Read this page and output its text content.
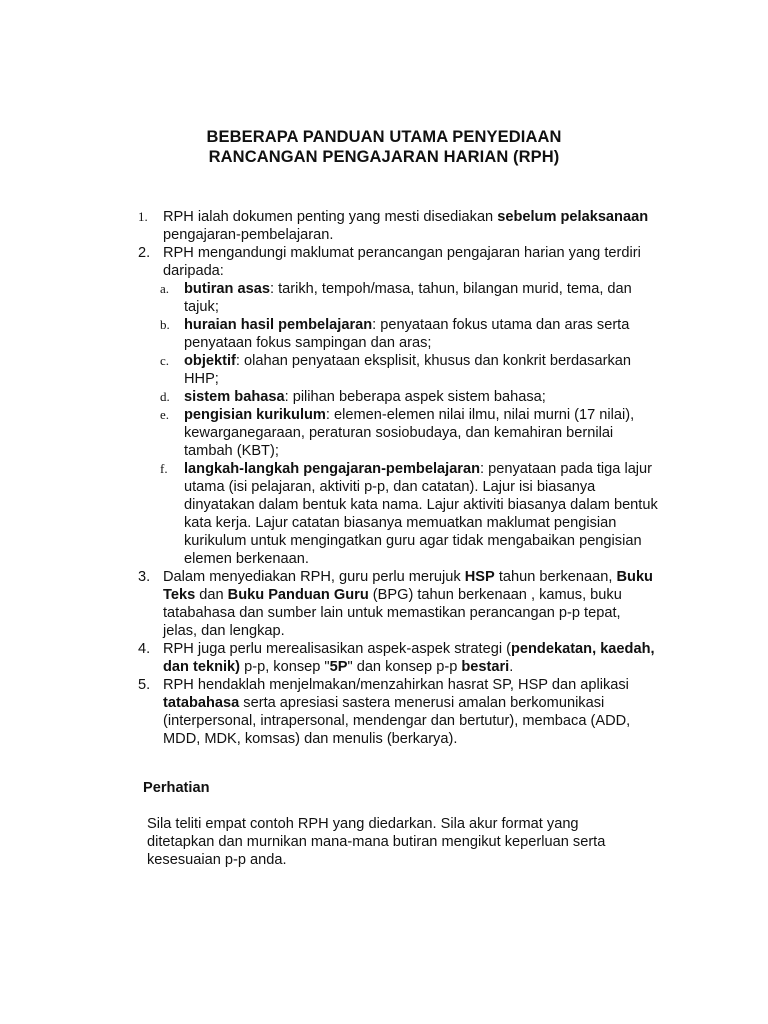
BEBERAPA PANDUAN UTAMA PENYEDIAAN
RANCANGAN PENGAJARAN HARIAN (RPH)
1. RPH ialah dokumen penting yang mesti disediakan sebelum pelaksanaan pengajaran-pembelajaran.
2. RPH mengandungi maklumat perancangan pengajaran harian yang terdiri daripada:
a. butiran asas: tarikh, tempoh/masa, tahun, bilangan murid, tema, dan tajuk;
b. huraian hasil pembelajaran: penyataan fokus utama dan aras serta penyataan fokus sampingan dan aras;
c. objektif: olahan penyataan eksplisit, khusus dan konkrit berdasarkan HHP;
d. sistem bahasa: pilihan beberapa aspek sistem bahasa;
e. pengisian kurikulum: elemen-elemen nilai ilmu, nilai murni (17 nilai), kewarganegaraan, peraturan sosiobudaya, dan kemahiran bernilai tambah (KBT);
f. langkah-langkah pengajaran-pembelajaran: penyataan pada tiga lajur utama (isi pelajaran, aktiviti p-p, dan catatan). Lajur isi biasanya dinyatakan dalam bentuk kata nama. Lajur aktiviti biasanya dalam bentuk kata kerja. Lajur catatan biasanya memuatkan maklumat pengisian kurikulum untuk mengingatkan guru agar tidak mengabaikan pengisian elemen berkenaan.
3. Dalam menyediakan RPH, guru perlu merujuk HSP tahun berkenaan, Buku Teks dan Buku Panduan Guru (BPG) tahun berkenaan , kamus, buku tatabahasa dan sumber lain untuk memastikan perancangan p-p tepat, jelas, dan lengkap.
4. RPH juga perlu merealisasikan aspek-aspek strategi (pendekatan, kaedah, dan teknik) p-p, konsep "5P" dan konsep p-p bestari.
5. RPH hendaklah menjelmakan/menzahirkan hasrat SP, HSP dan aplikasi tatabahasa serta apresiasi sastera menerusi amalan berkomunikasi (interpersonal, intrapersonal, mendengar dan bertutur), membaca (ADD, MDD, MDK, komsas) dan menulis (berkarya).
Perhatian
Sila teliti empat contoh RPH yang diedarkan. Sila akur format yang ditetapkan dan murnikan mana-mana butiran mengikut keperluan serta kesesuaian p-p anda.
